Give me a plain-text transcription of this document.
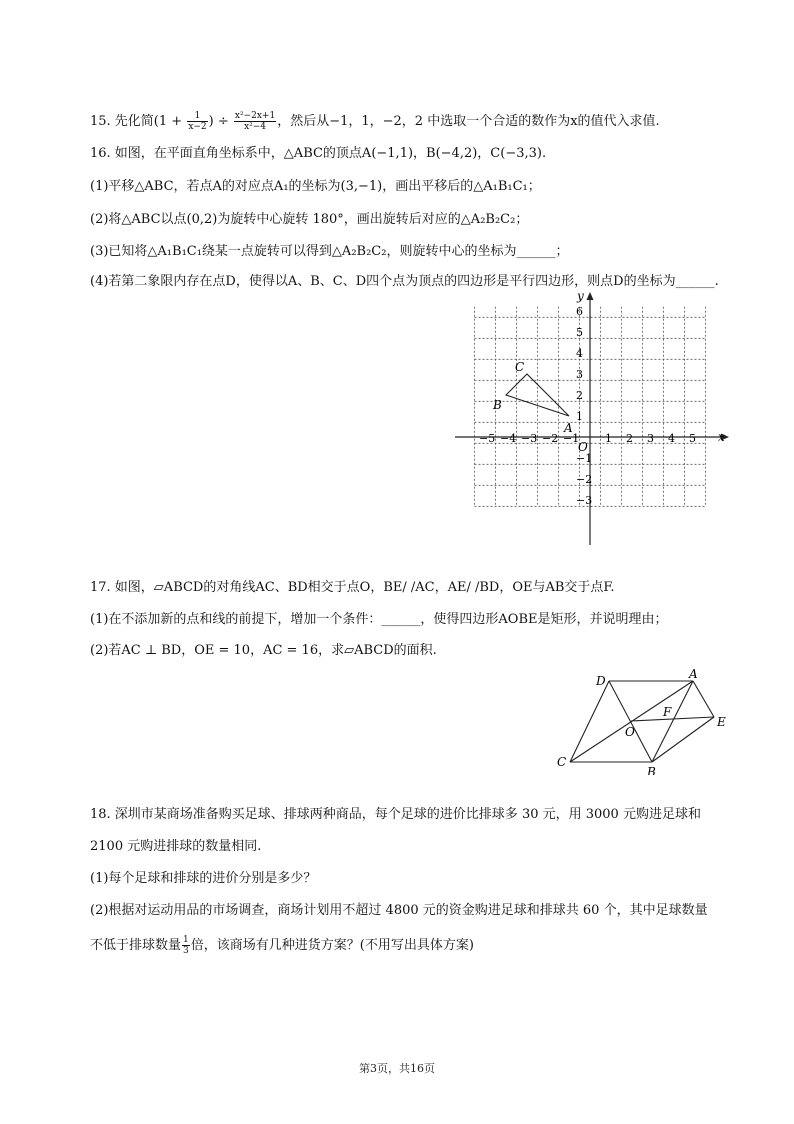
15. 先化简($1 + \frac{1}{x-2}$ ) ÷ $\frac{\text{x²−2x+1}}{\text{x²−4}}$ ，然后从−1，1，−2，2 中选取一个合适的数作为x的值代入求值.
16. 如图，在平面直角坐标系中，△ABC的顶点A(−1,1)，B(−4,2)，C(−3,3).
(1)平移△ABC，若点A的对应点A₁的坐标为(3,−1)，画出平移后的△A₁B₁C₁；
(2)将△ABC以点(0,2)为旋转中心旋转 180°，画出旋转后对应的△A₂B₂C₂；
(3)已知将△A₁B₁C₁绕某一点旋转可以得到△A₂B₂C₂，则旋转中心的坐标为______；
(4)若第二象限内存在点D，使得以A、B、C、D四个点为顶点的四边形是平行四边形，则点D的坐标为______.
x
y
O
−5 −4 −3 −2 −1 1 2 3 4 5
6
5
4
3
2
1
−1
−2
−3
A
B
C
17. 如图，▱ABCD的对角线AC、BD相交于点O，BE/ /AC，AE/ /BD，OE与AB交于点F.
(1)在不添加新的点和线的前提下，增加一个条件：______，使得四边形AOBE是矩形，并说明理由；
(2)若AC ⊥ BD，OE = 10，AC = 16，求▱ABCD的面积.
D	A
F
E
O
C
B
18. 深圳市某商场准备购买足球、排球两种商品，每个足球的进价比排球多 30 元，用 3000 元购进足球和
2100 元购进排球的数量相同.
(1)每个足球和排球的进价分别是多少？
(2)根据对运动用品的市场调查，商场计划用不超过 4800 元的资金购进足球和排球共 60 个，其中足球数量
不低于排球数量 $\frac{1}{3}$ 倍，该商场有几种进货方案？(不用写出具体方案)
第3页，共16页
